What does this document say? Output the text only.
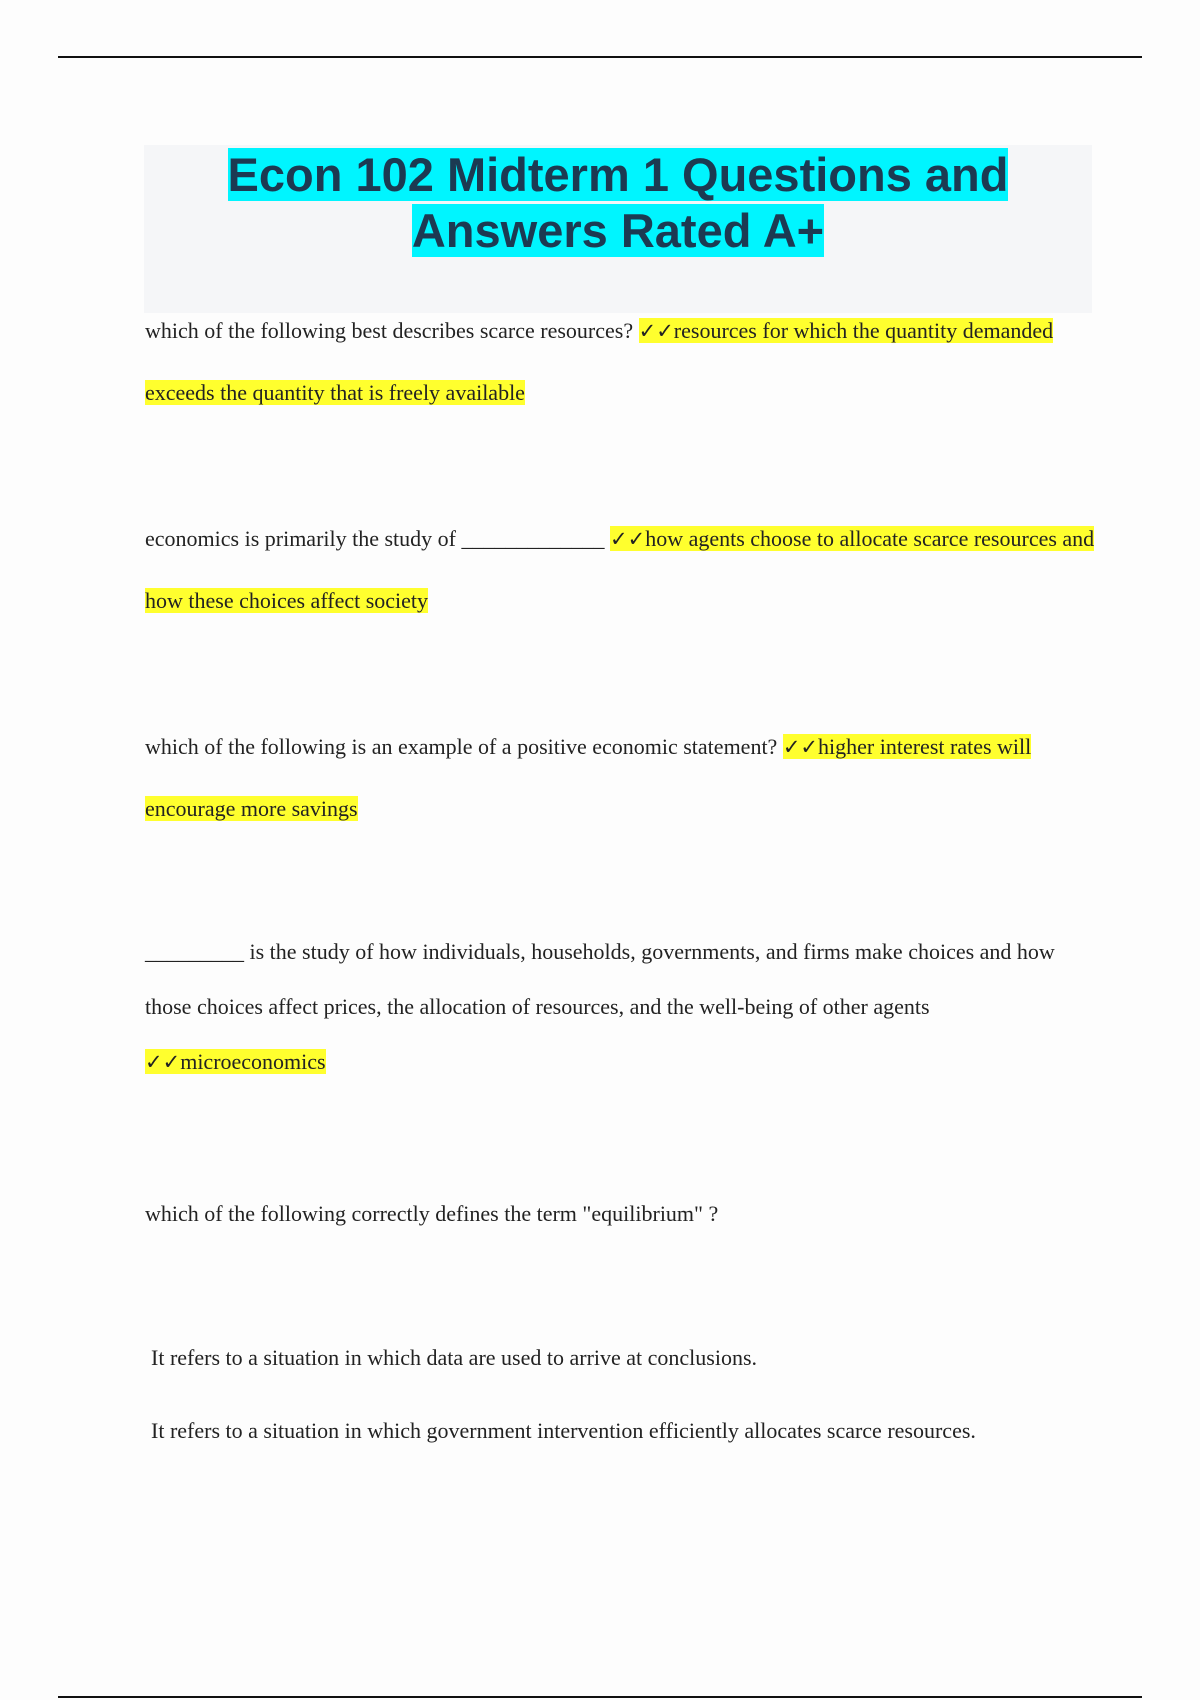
Econ 102 Midterm 1 Questions and
Answers Rated A+

which of the following best describes scarce resources? ✓✓resources for which the quantity demanded exceeds the quantity that is freely available

economics is primarily the study of _____________ ✓✓how agents choose to allocate scarce resources and how these choices affect society

which of the following is an example of a positive economic statement? ✓✓higher interest rates will encourage more savings

_________ is the study of how individuals, households, governments, and firms make choices and how those choices affect prices, the allocation of resources, and the well-being of other agents ✓✓microeconomics

which of the following correctly defines the term "equilibrium" ?

It refers to a situation in which data are used to arrive at conclusions.

It refers to a situation in which government intervention efficiently allocates scarce resources.
